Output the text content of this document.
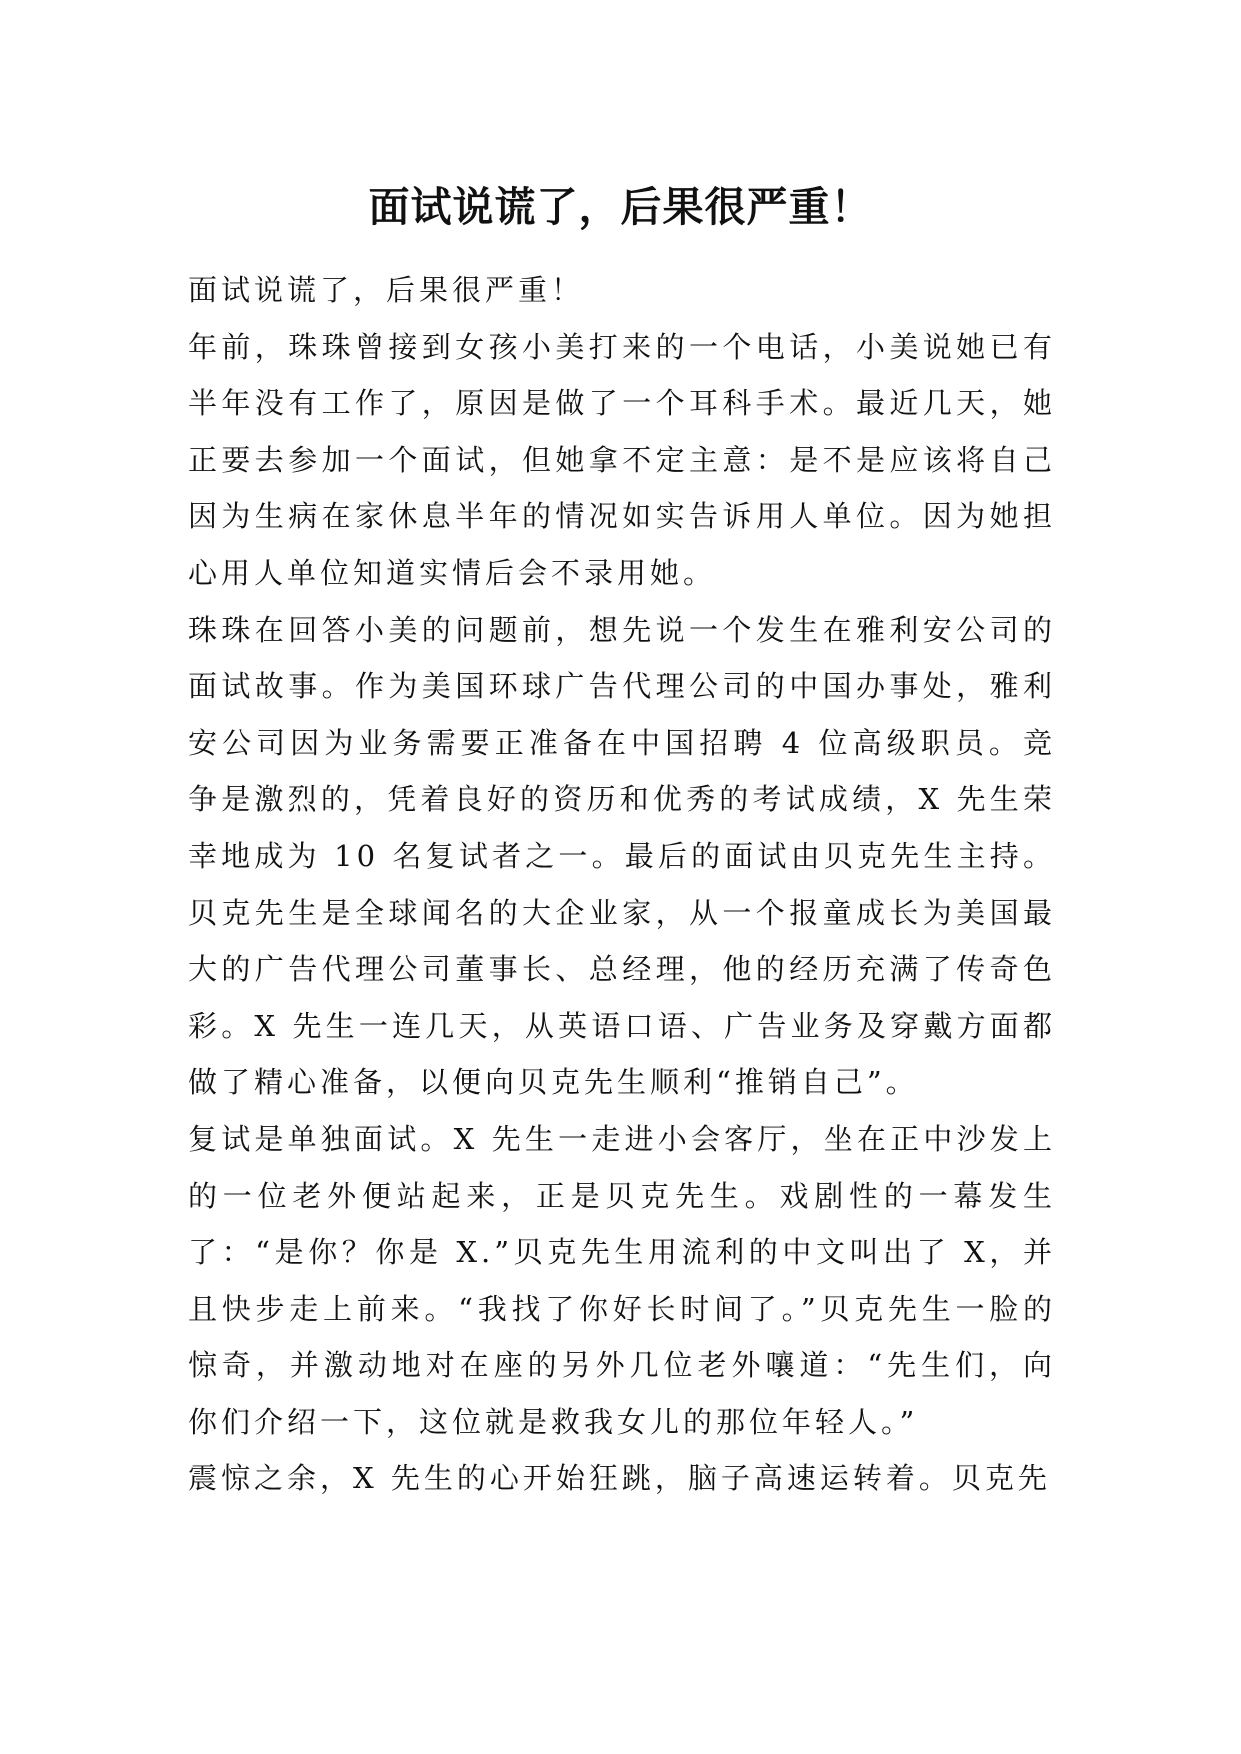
面试说谎了，后果很严重！

面试说谎了，后果很严重！

年前，珠珠曾接到女孩小美打来的一个电话，小美说她已有半年没有工作了，原因是做了一个耳科手术。最近几天，她正要去参加一个面试，但她拿不定主意：是不是应该将自己因为生病在家休息半年的情况如实告诉用人单位。因为她担心用人单位知道实情后会不录用她。

珠珠在回答小美的问题前，想先说一个发生在雅利安公司的面试故事。作为美国环球广告代理公司的中国办事处，雅利安公司因为业务需要正准备在中国招聘 4 位高级职员。竞争是激烈的，凭着良好的资历和优秀的考试成绩，X 先生荣幸地成为 10 名复试者之一。最后的面试由贝克先生主持。贝克先生是全球闻名的大企业家，从一个报童成长为美国最大的广告代理公司董事长、总经理，他的经历充满了传奇色彩。X 先生一连几天，从英语口语、广告业务及穿戴方面都做了精心准备，以便向贝克先生顺利“推销自己”。

复试是单独面试。X 先生一走进小会客厅，坐在正中沙发上的一位老外便站起来，正是贝克先生。戏剧性的一幕发生了：“是你？你是 X.”贝克先生用流利的中文叫出了 X，并且快步走上前来。“我找了你好长时间了。”贝克先生一脸的惊奇，并激动地对在座的另外几位老外嚷道：“先生们，向你们介绍一下，这位就是救我女儿的那位年轻人。”

震惊之余，X 先生的心开始狂跳，脑子高速运转着。贝克先
